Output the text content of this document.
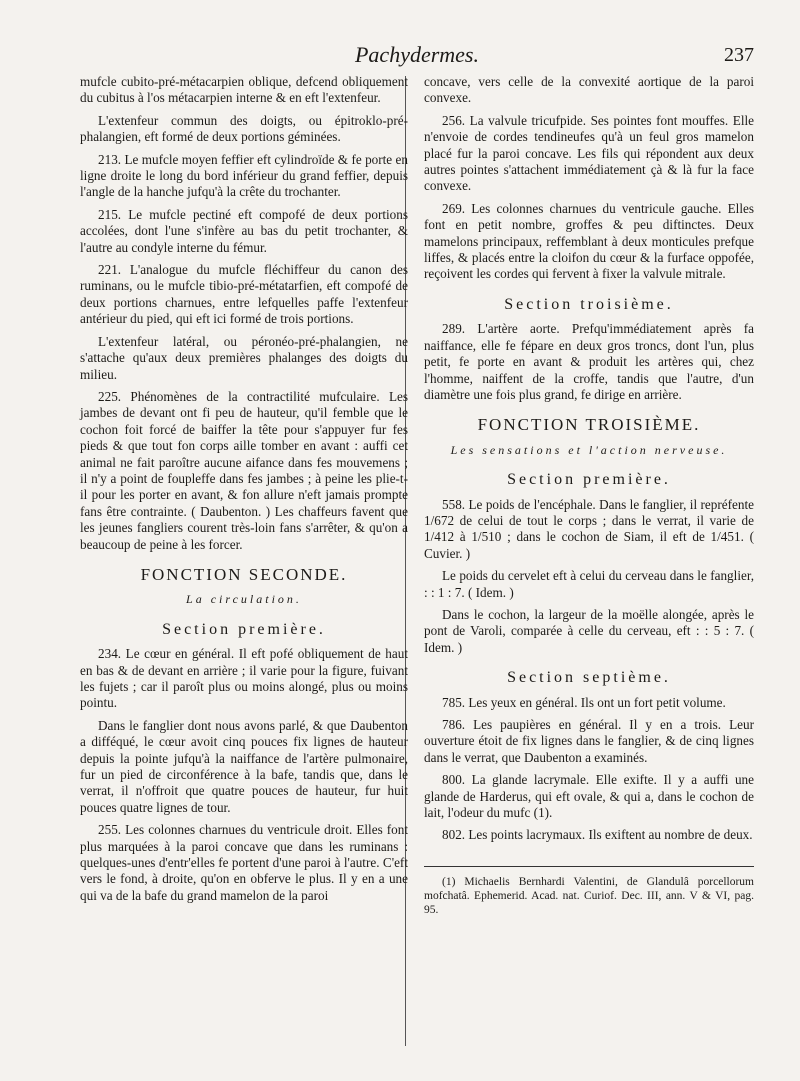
Pachydermes.	237

mufcle cubito-pré-métacarpien oblique, defcend obliquement du cubitus à l'os métacarpien interne & en eft l'extenfeur.

L'extenfeur commun des doigts, ou épitroklo-pré-phalangien, eft formé de deux portions géminées.

213. Le mufcle moyen feffier eft cylindroïde & fe porte en ligne droite le long du bord inférieur du grand feffier, depuis l'angle de la hanche jufqu'à la crête du trochanter.

215. Le mufcle pectiné eft compofé de deux portions accolées, dont l'une s'infère au bas du petit trochanter, & l'autre au condyle interne du fémur.

221. L'analogue du mufcle fléchiffeur du canon des ruminans, ou le mufcle tibio-pré-métatarfien, eft compofé de deux portions charnues, entre lefquelles paffe l'extenfeur antérieur du pied, qui eft ici formé de trois portions.

L'extenfeur latéral, ou péronéo-pré-phalangien, ne s'attache qu'aux deux premières phalanges des doigts du milieu.

225. Phénomènes de la contractilité mufculaire. Les jambes de devant ont fi peu de hauteur, qu'il femble que le cochon foit forcé de baiffer la tête pour s'appuyer fur fes pieds & que tout fon corps aille tomber en avant : auffi cet animal ne fait paroître aucune aifance dans fes mouvemens ; il n'y a point de foupleffe dans fes jambes ; à peine les plie-t-il pour les porter en avant, & fon allure n'eft jamais prompte fans être contrainte. ( Daubenton. ) Les chaffeurs favent que les jeunes fangliers courent très-loin fans s'arrêter, & qu'on a beaucoup de peine à les forcer.

FONCTION SECONDE.
La circulation.
Section première.

234. Le cœur en général. Il eft pofé obliquement de haut en bas & de devant en arrière ; il varie pour la figure, fuivant les fujets ; car il paroît plus ou moins alongé, plus ou moins pointu.

Dans le fanglier dont nous avons parlé, & que Daubenton a difféqué, le cœur avoit cinq pouces fix lignes de hauteur depuis la pointe jufqu'à la naiffance de l'artère pulmonaire, fur un pied de circonférence à la bafe, tandis que, dans le verrat, il n'offroit que quatre pouces de hauteur, fur huit pouces quatre lignes de tour.

255. Les colonnes charnues du ventricule droit. Elles font plus marquées à la paroi concave que dans les ruminans : quelques-unes d'entr'elles fe portent d'une paroi à l'autre. C'eft vers le fond, à droite, qu'on en obferve le plus. Il y en a une qui va de la bafe du grand mamelon de la paroi

concave, vers celle de la convexité aortique de la paroi convexe.

256. La valvule tricufpide. Ses pointes font mouffes. Elle n'envoie de cordes tendineufes qu'à un feul gros mamelon placé fur la paroi concave. Les fils qui répondent aux deux autres pointes s'attachent immédiatement çà & là fur la face convexe.

269. Les colonnes charnues du ventricule gauche. Elles font en petit nombre, groffes & peu diftinctes. Deux mamelons principaux, reffemblant à deux monticules prefque liffes, & placés entre la cloifon du cœur & la furface oppofée, reçoivent les cordes qui fervent à fixer la valvule mitrale.

Section troisième.

289. L'artère aorte. Prefqu'immédiatement après fa naiffance, elle fe fépare en deux gros troncs, dont l'un, plus petit, fe porte en avant & produit les artères qui, chez l'homme, naiffent de la croffe, tandis que l'autre, d'un diamètre une fois plus grand, fe dirige en arrière.

FONCTION TROISIÈME.
Les sensations et l'action nerveuse.
Section première.

558. Le poids de l'encéphale. Dans le fanglier, il repréfente 1/672 de celui de tout le corps ; dans le verrat, il varie de 1/412 à 1/510 ; dans le cochon de Siam, il eft de 1/451. ( Cuvier. )

Le poids du cervelet eft à celui du cerveau dans le fanglier, : : 1 : 7. ( Idem. )

Dans le cochon, la largeur de la moëlle alongée, après le pont de Varoli, comparée à celle du cerveau, eft : : 5 : 7. ( Idem. )

Section septième.

785. Les yeux en général. Ils ont un fort petit volume.

786. Les paupières en général. Il y en a trois. Leur ouverture étoit de fix lignes dans le fanglier, & de cinq lignes dans le verrat, que Daubenton a examinés.

800. La glande lacrymale. Elle exifte. Il y a auffi une glande de Harderus, qui eft ovale, & qui a, dans le cochon de lait, l'odeur du mufc (1).

802. Les points lacrymaux. Ils exiftent au nombre de deux.

(1) Michaelis Bernhardi Valentini, de Glandulâ porcellorum mofchatâ. Ephemerid. Acad. nat. Curiof. Dec. III, ann. V & VI, pag. 95.
